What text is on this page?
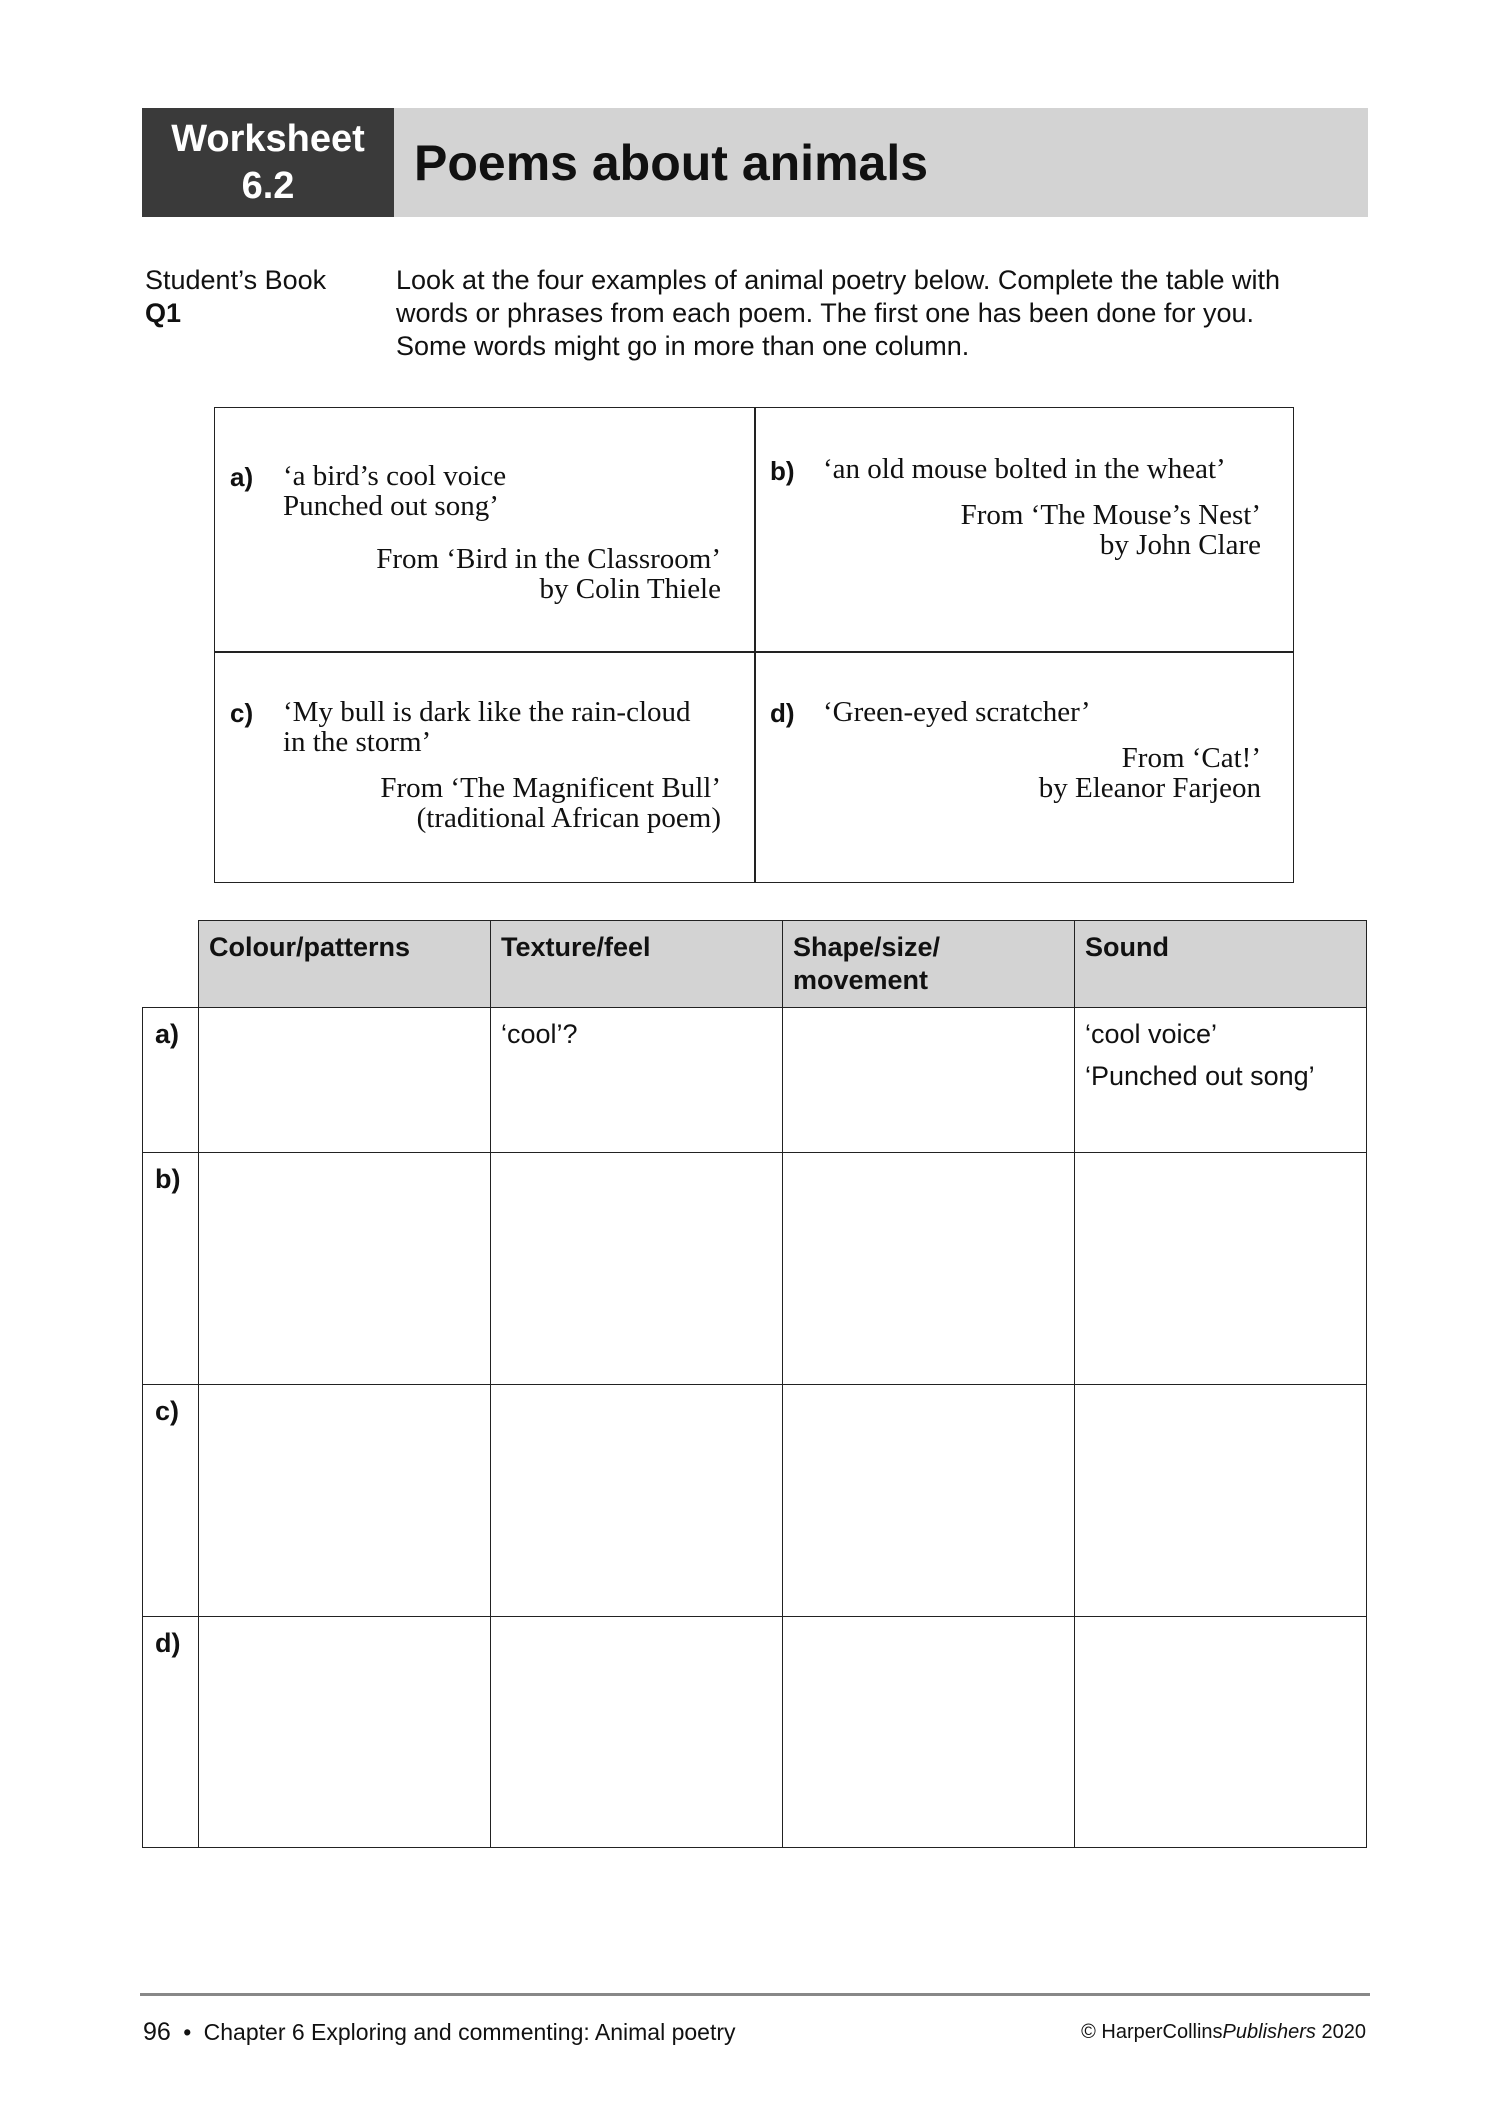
Worksheet
6.2 Poems about animals
Student’s Book
Q1
Look at the four examples of animal poetry below. Complete the table with
words or phrases from each poem. The first one has been done for you.
Some words might go in more than one column.
a) ‘a bird’s cool voice
Punched out song’
From ‘Bird in the Classroom’
by Colin Thiele
b) ‘an old mouse bolted in the wheat’
From ‘The Mouse’s Nest’
by John Clare
c) ‘My bull is dark like the rain-cloud
in the storm’
From ‘The Magnificent Bull’
(traditional African poem)
d) ‘Green-eyed scratcher’
From ‘Cat!’
by Eleanor Farjeon
	Colour/patterns	Texture/feel	Shape/size/
movement	Sound
a)		‘cool’?		‘cool voice’
‘Punched out song’

b)				
c)				
d)				
96 • Chapter 6 Exploring and commenting: Animal poetry	© HarperCollinsPublishers 2020
